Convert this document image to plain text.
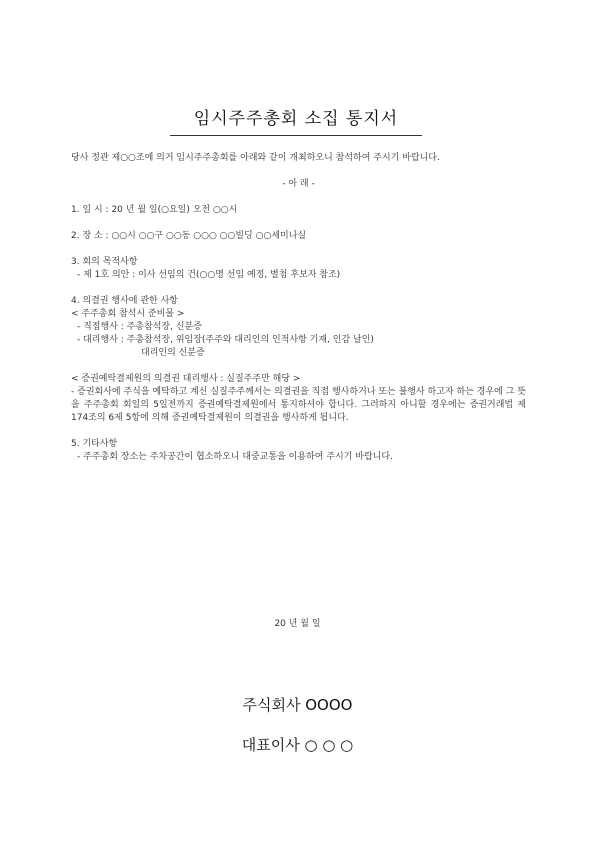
임시주주총회 소집 통지서
당사 정관 제○○조에 의거 임시주주총회를 아래와 같이 개최하오니 참석하여 주시기 바랍니다.
- 아 래 -
1. 일 시 : 20 년 월 일(○요일) 오전 ○○시
2. 장 소 : ○○시 ○○구 ○○동 ○○○ ○○빌딩 ○○세미나실
3. 회의 목적사항
- 제 1호 의안 : 이사 선임의 건(○○명 선임 예정, 별첨 후보자 참조)
4. 의결권 행사에 관한 사항
< 주주총회 참석시 준비물 >
- 직접행사 : 주총참석장, 신분증
- 대리행사 : 주총참석장, 위임장(주주와 대리인의 인적사항 기재, 인감 날인)
대리인의 신분증
< 증권예탁결제원의 의결권 대리행사 : 실질주주만 해당 >
- 증권회사에 주식을 예탁하고 계신 실질주주께서는 의결권을 직접 행사하거나 또는 불행사 하고자 하는 경우에 그 뜻을 주주총회 회일의 5일전까지 증권예탁결제원에서 통지하셔야 합니다. 그러하지 아니할 경우에는 증권거래법 제174조의 6제 5항에 의해 증권예탁결제원이 의결권을 행사하게 됩니다.
5. 기타사항
- 주주총회 장소는 주차공간이 협소하오니 대중교통을 이용하여 주시기 바랍니다.
20 년 월 일
주식회사 OOOO
대표이사 ○ ○ ○
